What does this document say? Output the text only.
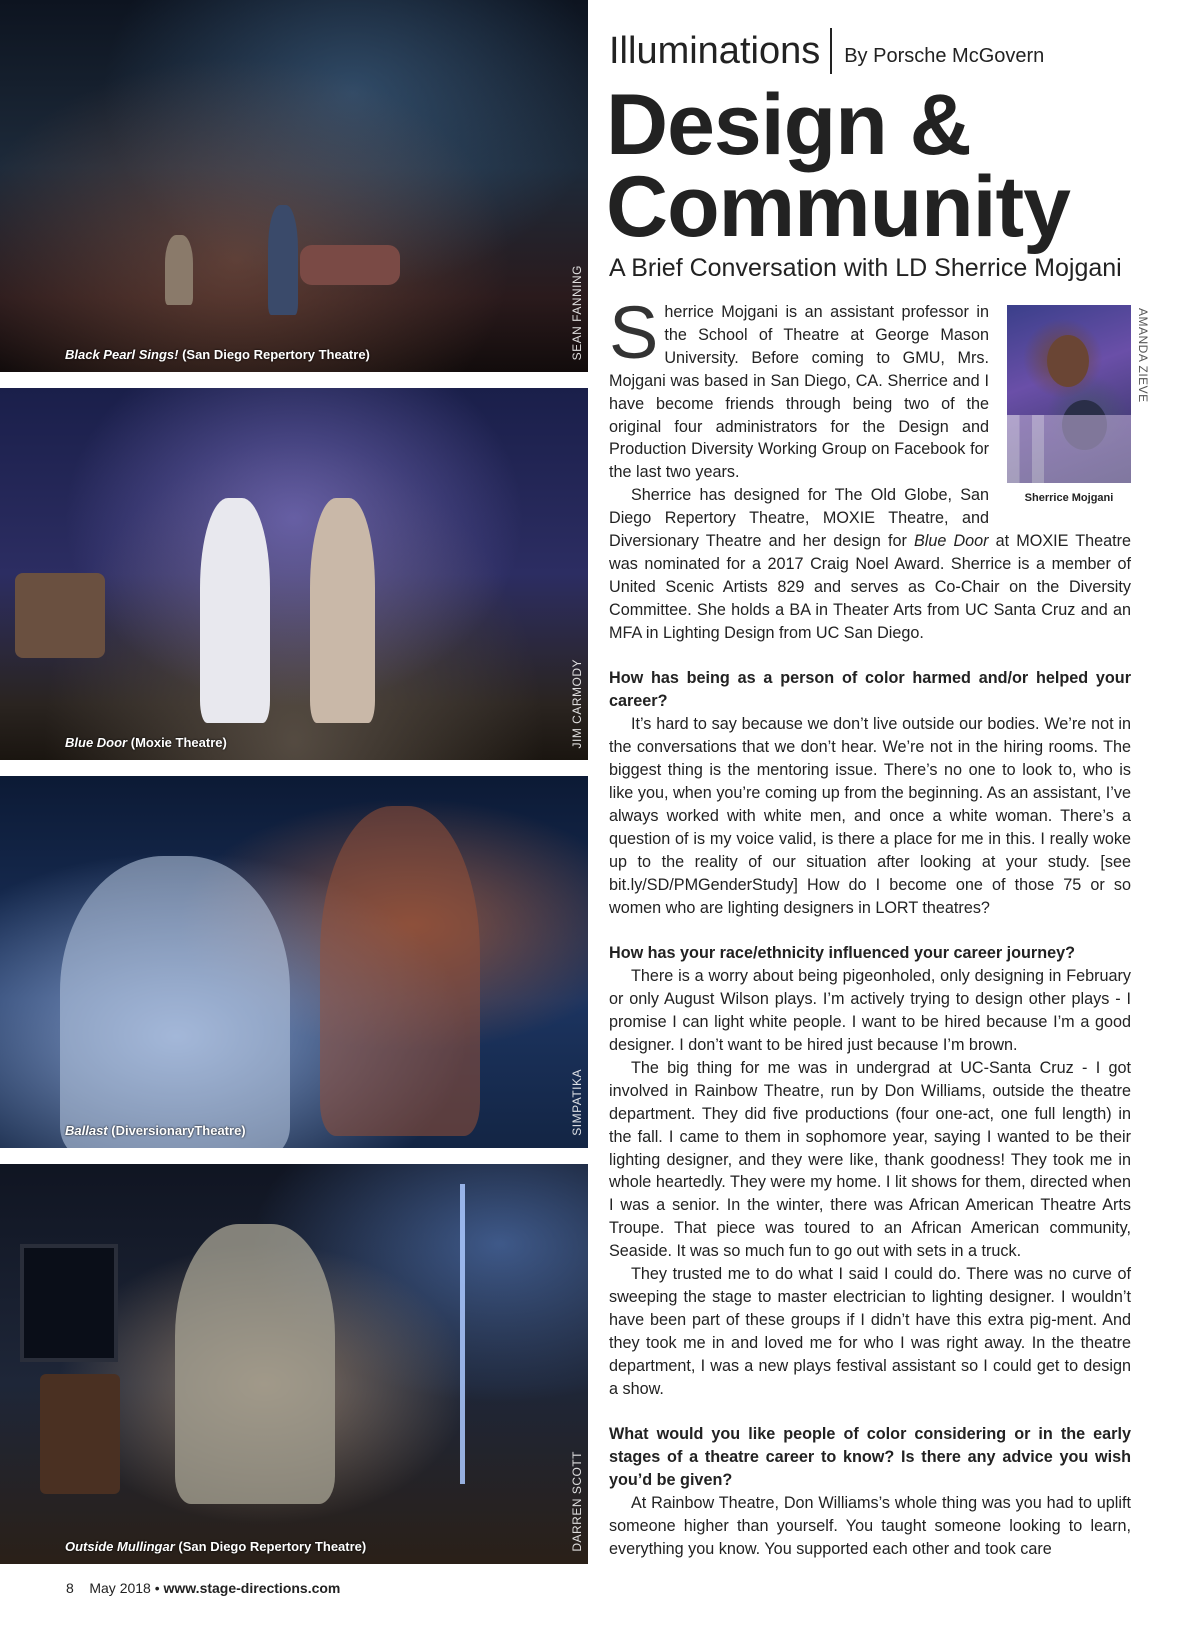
Black Pearl Sings! (San Diego Repertory Theatre)	SEAN FANNING
Blue Door (Moxie Theatre)	JIM CARMODY
Ballast (DiversionaryTheatre)	SIMPATIKA
Outside Mullingar (San Diego Repertory Theatre)	DARREN SCOTT
Illuminations By Porsche McGovern
Design &
Community
A Brief Conversation with LD Sherrice Mojgani
Sherrice Mojgani

Sherrice Mojgani is an assistant professor in the School of Theatre at George Mason University. Before coming to GMU, Mrs. Mojgani was based in San Diego, CA. Sherrice and I have become friends through being two of the original four administrators for the Design and Production Diversity Working Group on Facebook for the last two years.

Sherrice has designed for The Old Globe, San Diego Repertory Theatre, MOXIE Theatre, and Diversionary Theatre and her design for Blue Door at MOXIE Theatre was nominated for a 2017 Craig Noel Award. Sherrice is a member of United Scenic Artists 829 and serves as Co-Chair on the Diversity Committee. She holds a BA in Theater Arts from UC Santa Cruz and an MFA in Lighting Design from UC San Diego.

How has being as a person of color harmed and/or helped your career?

It’s hard to say because we don’t live outside our bodies. We’re not in the conversations that we don’t hear. We’re not in the hiring rooms. The biggest thing is the mentoring issue. There’s no one to look to, who is like you, when you’re coming up from the beginning. As an assistant, I’ve always worked with white men, and once a white woman. There’s a question of is my voice valid, is there a place for me in this. I really woke up to the reality of our situation after looking at your study. [see bit.ly/SD/PMGenderStudy] How do I become one of those 75 or so women who are lighting designers in LORT theatres?

How has your race/ethnicity influenced your career journey?

There is a worry about being pigeonholed, only designing in February or only August Wilson plays. I’m actively trying to design other plays - I promise I can light white people. I want to be hired because I’m a good designer. I don’t want to be hired just because I’m brown.

The big thing for me was in undergrad at UC-Santa Cruz - I got involved in Rainbow Theatre, run by Don Williams, outside the theatre department. They did five productions (four one-act, one full length) in the fall. I came to them in sophomore year, saying I wanted to be their lighting designer, and they were like, thank goodness! They took me in whole heartedly. They were my home. I lit shows for them, directed when I was a senior. In the winter, there was African American Theatre Arts Troupe. That piece was toured to an African American community, Seaside. It was so much fun to go out with sets in a truck.

They trusted me to do what I said I could do. There was no curve of sweeping the stage to master electrician to lighting designer. I wouldn’t have been part of these groups if I didn’t have this extra pig-ment. And they took me in and loved me for who I was right away. In the theatre department, I was a new plays festival assistant so I could get to design a show.

What would you like people of color considering or in the early stages of a theatre career to know? Is there any advice you wish you’d be given?

At Rainbow Theatre, Don Williams’s whole thing was you had to uplift someone higher than yourself. You taught someone looking to learn, everything you know. You supported each other and took care

AMANDA ZIEVE
8 May 2018 • www.stage-directions.com
